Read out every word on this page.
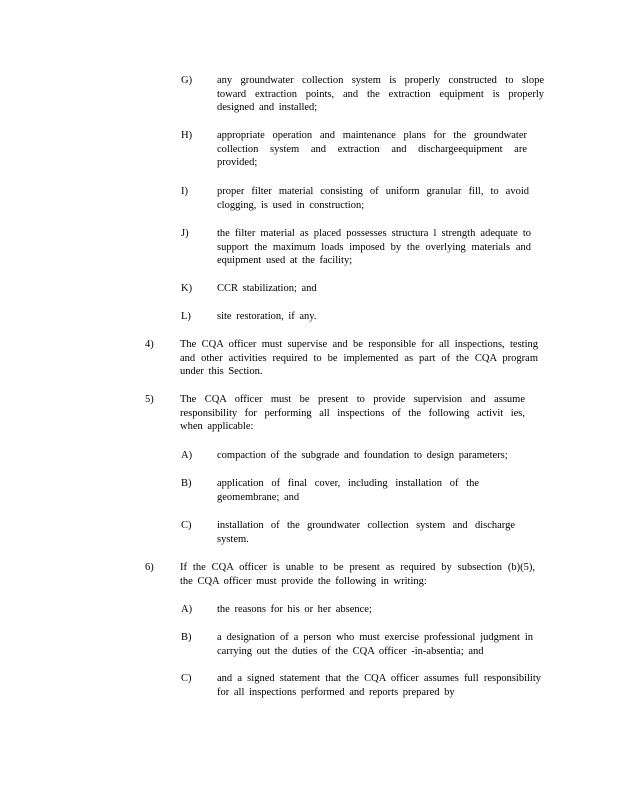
G) any groundwater collection system is properly constructed to slope toward extraction points, and the extraction equipment is properly designed and installed;
H) appropriate operation and maintenance plans for the groundwater collection system and extraction and dischargeequipment are provided;
I)	proper filter material consisting of uniform granular fill, to avoid clogging, is used in construction;
J)	the filter material as placed possesses structura l strength adequate to support the maximum loads imposed by the overlying materials and equipment used at the facility;
K) CCR stabilization; and
L) site restoration, if any.
4)	The CQA officer must supervise and be responsible for all inspections, testing and other activities required to be implemented as part of the CQA program under this Section.
5)	The CQA officer must be present to provide supervision and assume responsibility for performing all inspections of the following activit ies, when applicable:
A) compaction of the subgrade and foundation to design parameters;
B) application of final cover, including installation of the geomembrane; and
C) installation of the groundwater collection system and discharge system.
6)	If the CQA officer is unable to be present as required by subsection (b)(5), the CQA officer must provide the following in writing:
A) the reasons for his or her absence;
B) a designation of a person who must exercise professional judgment in carrying out the duties of the CQA officer -in-absentia; and
C) and a signed statement that the CQA officer assumes full responsibility for all inspections performed and reports prepared by
